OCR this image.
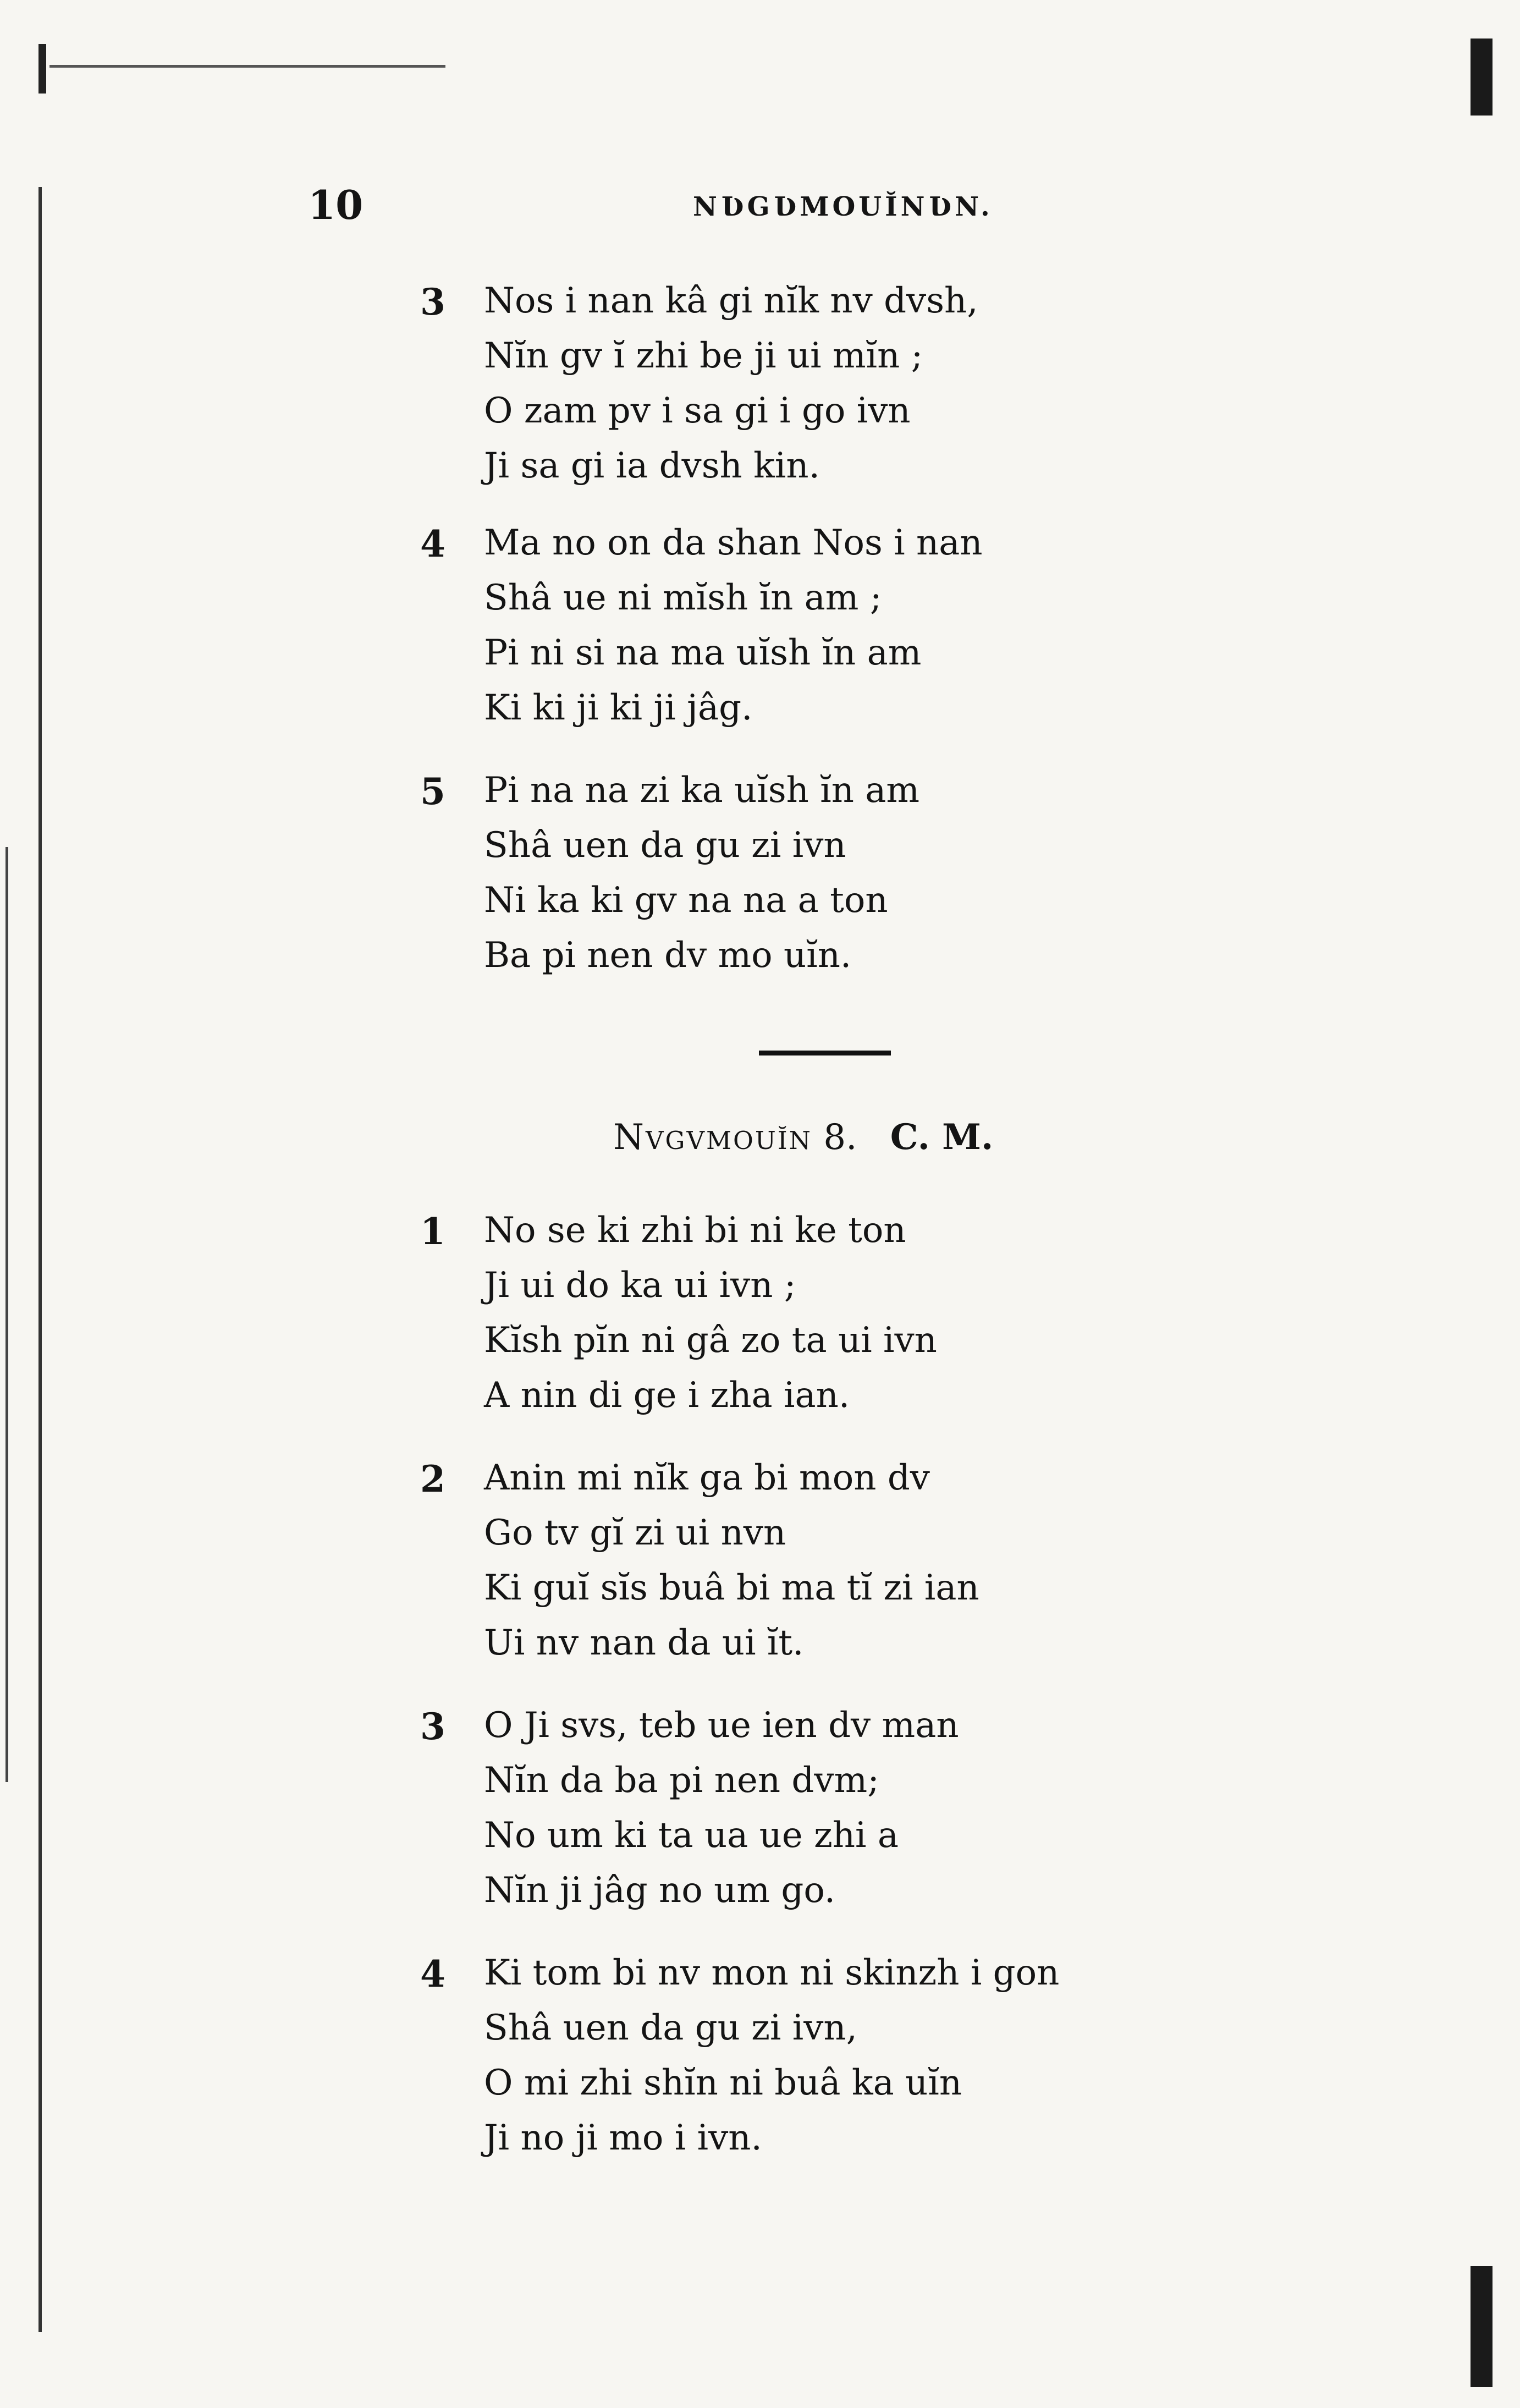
10	NƲGƲMOUĬNƲN.
3 Nos i nan kâ gi nĭk nv dvsh,
Nĭn gv ĭ zhi be ji ui mĭn ;
O zam pv i sa gi i go ivn
Ji sa gi ia dvsh kin.
4 Ma no on da shan Nos i nan
Shâ ue ni mĭsh ĭn am ;
Pi ni si na ma uĭsh ĭn am
Ki ki ji ki ji jâg.
5 Pi na na zi ka uĭsh ĭn am
Shâ uen da gu zi ivn
Ni ka ki gv na na a ton
Ba pi nen dv mo uĭn.
Nvgvmouĭn 8. C. M.
1 No se ki zhi bi ni ke ton
Ji ui do ka ui ivn ;
Kĭsh pĭn ni gâ zo ta ui ivn
A nin di ge i zha ian.
2 Anin mi nĭk ga bi mon dv
Go tv gĭ zi ui nvn
Ki guĭ sĭs buâ bi ma tĭ zi ian
Ui nv nan da ui ĭt.
3 O Ji svs, teb ue ien dv man
Nĭn da ba pi nen dvm;
No um ki ta ua ue zhi a
Nĭn ji jâg no um go.
4 Ki tom bi nv mon ni skinzh i gon
Shâ uen da gu zi ivn,
O mi zhi shĭn ni buâ ka uĭn
Ji no ji mo i ivn.
